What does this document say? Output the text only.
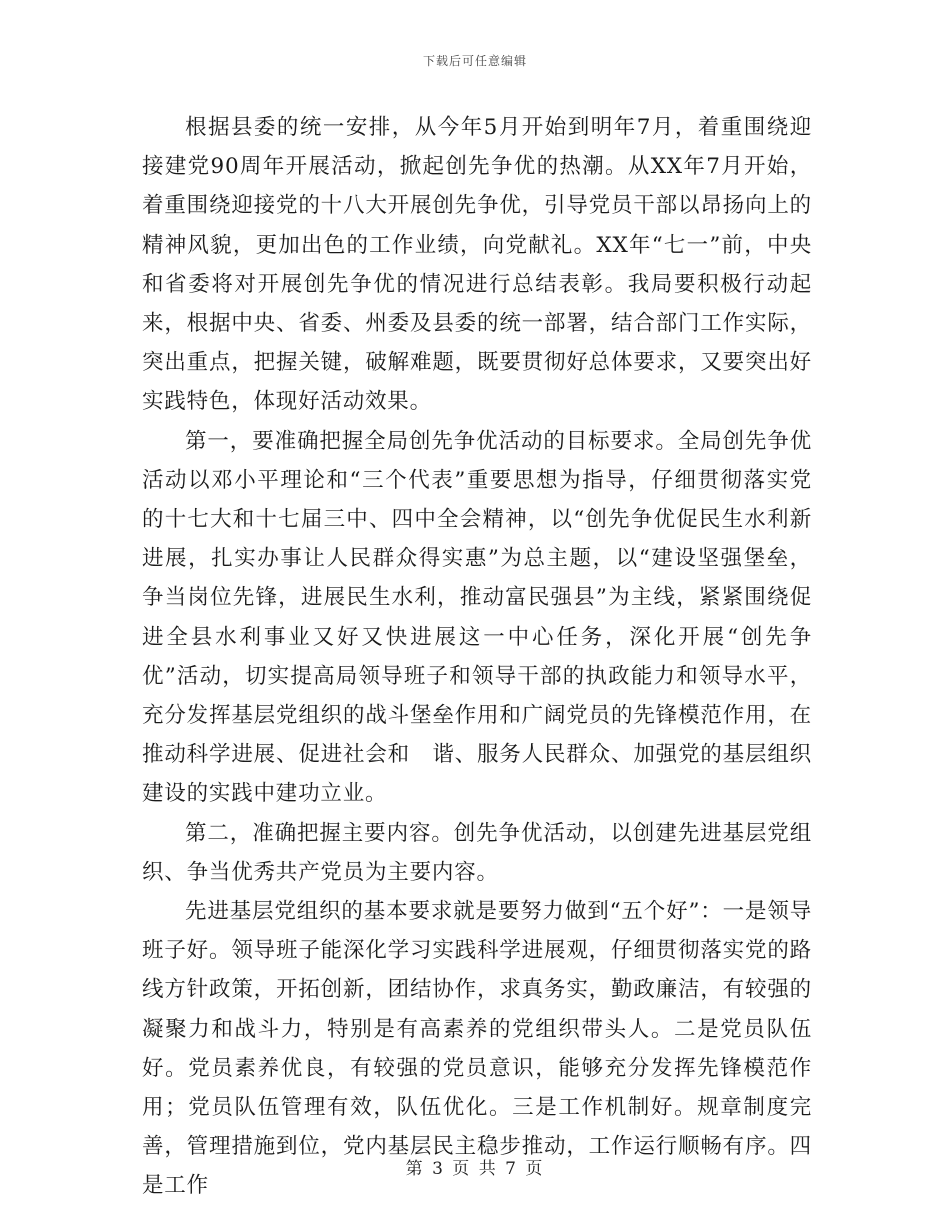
下载后可任意编辑

根据县委的统一安排，从今年5月开始到明年7月，着重围绕迎接建党90周年开展活动，掀起创先争优的热潮。从XX年7月开始，着重围绕迎接党的十八大开展创先争优，引导党员干部以昂扬向上的精神风貌，更加出色的工作业绩，向党献礼。XX年“七一”前，中央和省委将对开展创先争优的情况进行总结表彰。我局要积极行动起来，根据中央、省委、州委及县委的统一部署，结合部门工作实际，突出重点，把握关键，破解难题，既要贯彻好总体要求，又要突出好实践特色，体现好活动效果。

第一，要准确把握全局创先争优活动的目标要求。全局创先争优活动以邓小平理论和“三个代表”重要思想为指导，仔细贯彻落实党的十七大和十七届三中、四中全会精神，以“创先争优促民生水利新进展，扎实办事让人民群众得实惠”为总主题，以“建设坚强堡垒，争当岗位先锋，进展民生水利，推动富民强县”为主线，紧紧围绕促进全县水利事业又好又快进展这一中心任务，深化开展“创先争优”活动，切实提高局领导班子和领导干部的执政能力和领导水平，充分发挥基层党组织的战斗堡垒作用和广阔党员的先锋模范作用，在推动科学进展、促进社会和　谐、服务人民群众、加强党的基层组织建设的实践中建功立业。

第二，准确把握主要内容。创先争优活动，以创建先进基层党组织、争当优秀共产党员为主要内容。

先进基层党组织的基本要求就是要努力做到“五个好”：一是领导班子好。领导班子能深化学习实践科学进展观，仔细贯彻落实党的路线方针政策，开拓创新，团结协作，求真务实，勤政廉洁，有较强的凝聚力和战斗力，特别是有高素养的党组织带头人。二是党员队伍好。党员素养优良，有较强的党员意识，能够充分发挥先锋模范作用；党员队伍管理有效，队伍优化。三是工作机制好。规章制度完善，管理措施到位，党内基层民主稳步推动，工作运行顺畅有序。四是工作

第 3 页 共 7 页
